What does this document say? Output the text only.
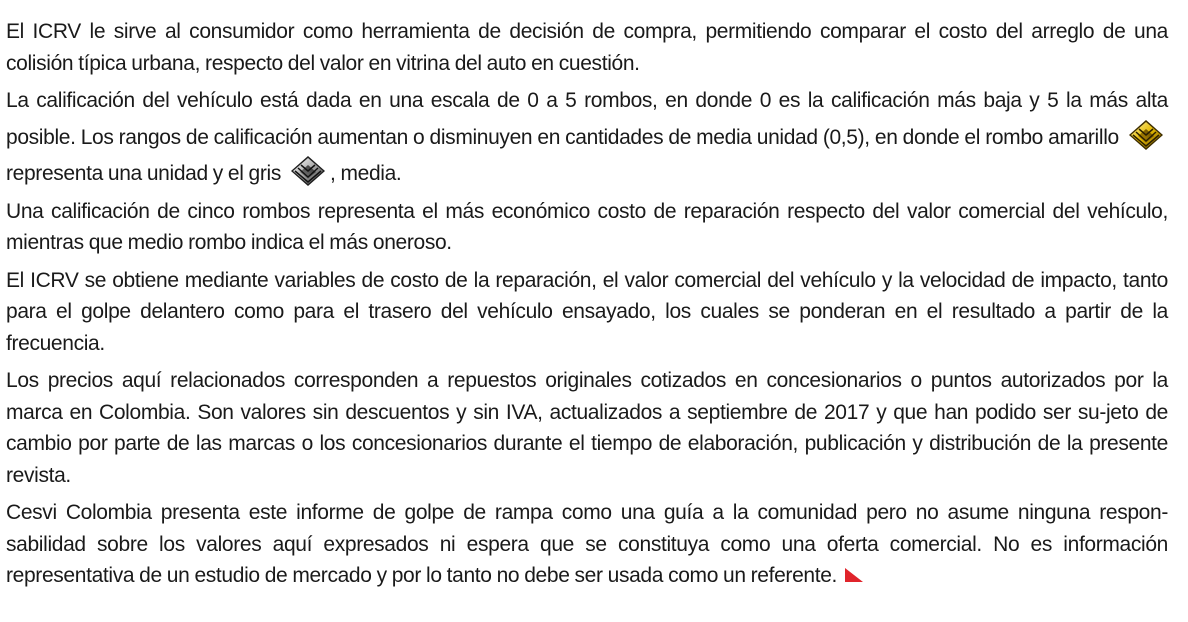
El ICRV le sirve al consumidor como herramienta de decisión de compra, permitiendo comparar el costo del arreglo de una colisión típica urbana, respecto del valor en vitrina del auto en cuestión.

La calificación del vehículo está dada en una escala de 0 a 5 rombos, en donde 0 es la calificación más baja y 5 la más alta posible. Los rangos de calificación aumentan o disminuyen en cantidades de media unidad (0,5), en donde el rombo amarillo  representa una unidad y el gris , media.

Una calificación de cinco rombos representa el más económico costo de reparación respecto del valor comercial del vehículo, mientras que medio rombo indica el más oneroso.

El ICRV se obtiene mediante variables de costo de la reparación, el valor comercial del vehículo y la velocidad de impacto, tanto para el golpe delantero como para el trasero del vehículo ensayado, los cuales se ponderan en el resultado a partir de la frecuencia.

Los precios aquí relacionados corresponden a repuestos originales cotizados en concesionarios o puntos autorizados por la marca en Colombia. Son valores sin descuentos y sin IVA, actualizados a septiembre de 2017 y que han podido ser su-jeto de cambio por parte de las marcas o los concesionarios durante el tiempo de elaboración, publicación y distribución de la presente revista.

Cesvi Colombia presenta este informe de golpe de rampa como una guía a la comunidad pero no asume ninguna respon-sabilidad sobre los valores aquí expresados ni espera que se constituya como una oferta comercial. No es información representativa de un estudio de mercado y por lo tanto no debe ser usada como un referente.
